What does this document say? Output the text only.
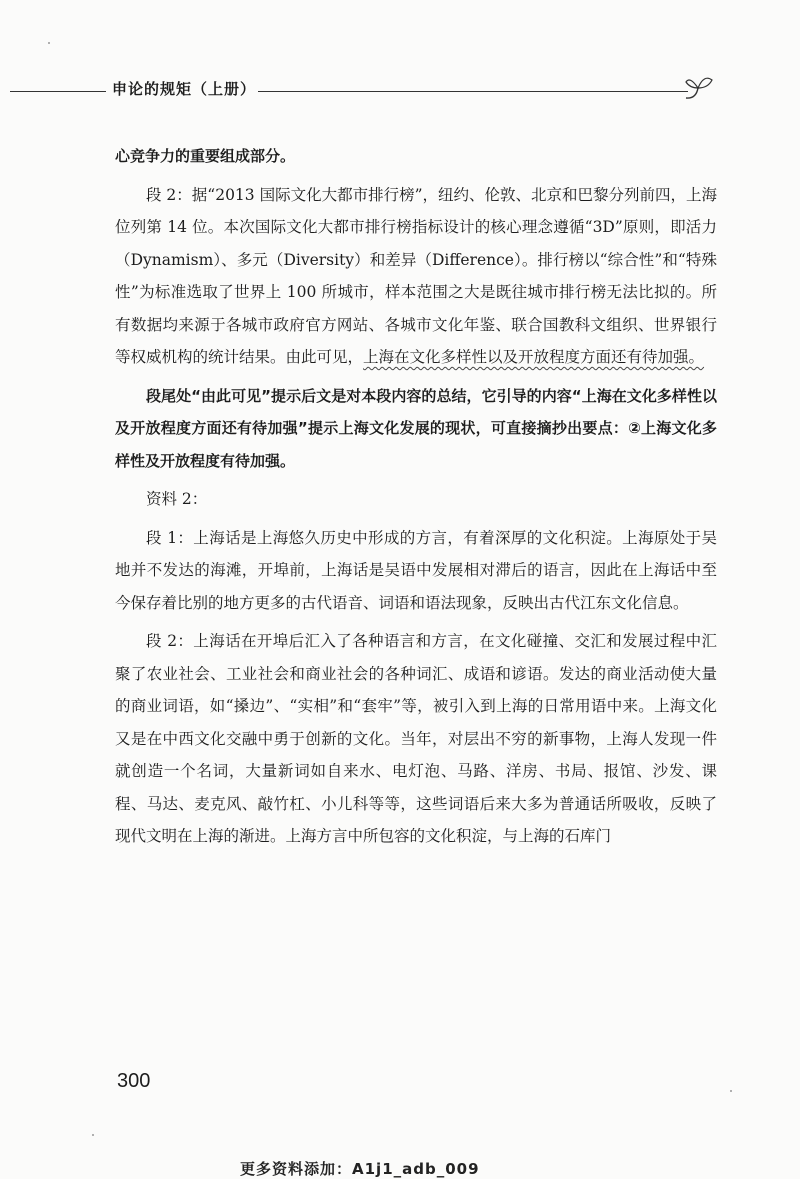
申论的规矩（上册）

心竞争力的重要组成部分。

段 2：据“2013 国际文化大都市排行榜”，纽约、伦敦、北京和巴黎分列前四，上海位列第 14 位。本次国际文化大都市排行榜指标设计的核心理念遵循“3D”原则，即活力（Dynamism）、多元（Diversity）和差异（Difference）。排行榜以“综合性”和“特殊性”为标准选取了世界上 100 所城市，样本范围之大是既往城市排行榜无法比拟的。所有数据均来源于各城市政府官方网站、各城市文化年鉴、联合国教科文组织、世界银行等权威机构的统计结果。由此可见，上海在文化多样性以及开放程度方面还有待加强。

段尾处“由此可见”提示后文是对本段内容的总结，它引导的内容“上海在文化多样性以及开放程度方面还有待加强”提示上海文化发展的现状，可直接摘抄出要点：②上海文化多样性及开放程度有待加强。

资料 2：

段 1：上海话是上海悠久历史中形成的方言，有着深厚的文化积淀。上海原处于吴地并不发达的海滩，开埠前，上海话是吴语中发展相对滞后的语言，因此在上海话中至今保存着比别的地方更多的古代语音、词语和语法现象，反映出古代江东文化信息。

段 2：上海话在开埠后汇入了各种语言和方言，在文化碰撞、交汇和发展过程中汇聚了农业社会、工业社会和商业社会的各种词汇、成语和谚语。发达的商业活动使大量的商业词语，如“搡边”、“实相”和“套牢”等，被引入到上海的日常用语中来。上海文化又是在中西文化交融中勇于创新的文化。当年，对层出不穷的新事物，上海人发现一件就创造一个名词，大量新词如自来水、电灯泡、马路、洋房、书局、报馆、沙发、课程、马达、麦克风、敲竹杠、小儿科等等，这些词语后来大多为普通话所吸收，反映了现代文明在上海的渐进。上海方言中所包容的文化积淀，与上海的石库门

300
更多资料添加：A1j1_adb_009
